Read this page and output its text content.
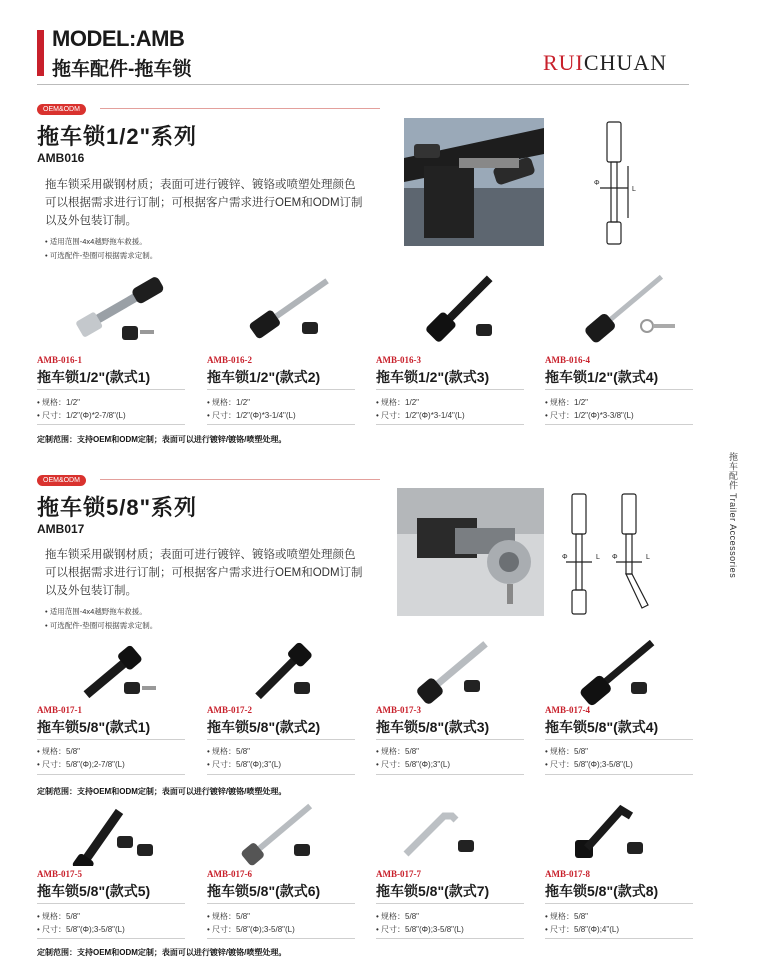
MODEL:AMB
拖车配件-拖车锁	RUICHUAN
拖车配件 Trailer Accessories
OEM&ODM
拖车锁1/2"系列
AMB016
拖车锁采用碳钢材质；表面可进行镀锌、镀铬或喷塑处理颜色
可以根据需求进行订制；可根据客户需求进行OEM和ODM订制
以及外包装订制。
• 适用范围-4x4越野拖车救援。
• 可选配件-垫圈可根据需求定制。
Φ
L
AMB-016-1
拖车锁1/2"(款式1)
• 规格：1/2"
• 尺寸：1/2"(Φ)*2-7/8"(L)
AMB-016-2
拖车锁1/2"(款式2)
• 规格：1/2"
• 尺寸：1/2"(Φ)*3-1/4"(L)
AMB-016-3
拖车锁1/2"(款式3)
• 规格：1/2"
• 尺寸：1/2"(Φ)*3-1/4"(L)
AMB-016-4
拖车锁1/2"(款式4)
• 规格：1/2"
• 尺寸：1/2"(Φ)*3-3/8"(L)
定制范围：支持OEM和ODM定制；表面可以进行镀锌/镀铬/喷塑处理。
OEM&ODM
拖车锁5/8"系列
AMB017
拖车锁采用碳钢材质；表面可进行镀锌、镀铬或喷塑处理颜色
可以根据需求进行订制；可根据客户需求进行OEM和ODM订制
以及外包装订制。
• 适用范围-4x4越野拖车救援。
• 可选配件-垫圈可根据需求定制。
Φ	L Φ	L
AMB-017-1
拖车锁5/8"(款式1)
• 规格：5/8"
• 尺寸：5/8"(Φ);2-7/8"(L)
AMB-017-2
拖车锁5/8"(款式2)
• 规格：5/8"
• 尺寸：5/8"(Φ);3"(L)
AMB-017-3
拖车锁5/8"(款式3)
• 规格：5/8"
• 尺寸：5/8"(Φ);3"(L)
AMB-017-4
拖车锁5/8"(款式4)
• 规格：5/8"
• 尺寸：5/8"(Φ);3-5/8"(L)
定制范围：支持OEM和ODM定制；表面可以进行镀锌/镀铬/喷塑处理。
AMB-017-5
拖车锁5/8"(款式5)
• 规格：5/8"
• 尺寸：5/8"(Φ);3-5/8"(L)
AMB-017-6
拖车锁5/8"(款式6)
• 规格：5/8"
• 尺寸：5/8"(Φ);3-5/8"(L)
AMB-017-7
拖车锁5/8"(款式7)
• 规格：5/8"
• 尺寸：5/8"(Φ);3-5/8"(L)
AMB-017-8
拖车锁5/8"(款式8)
• 规格：5/8"
• 尺寸：5/8"(Φ);4"(L)
定制范围：支持OEM和ODM定制；表面可以进行镀锌/镀铬/喷塑处理。
